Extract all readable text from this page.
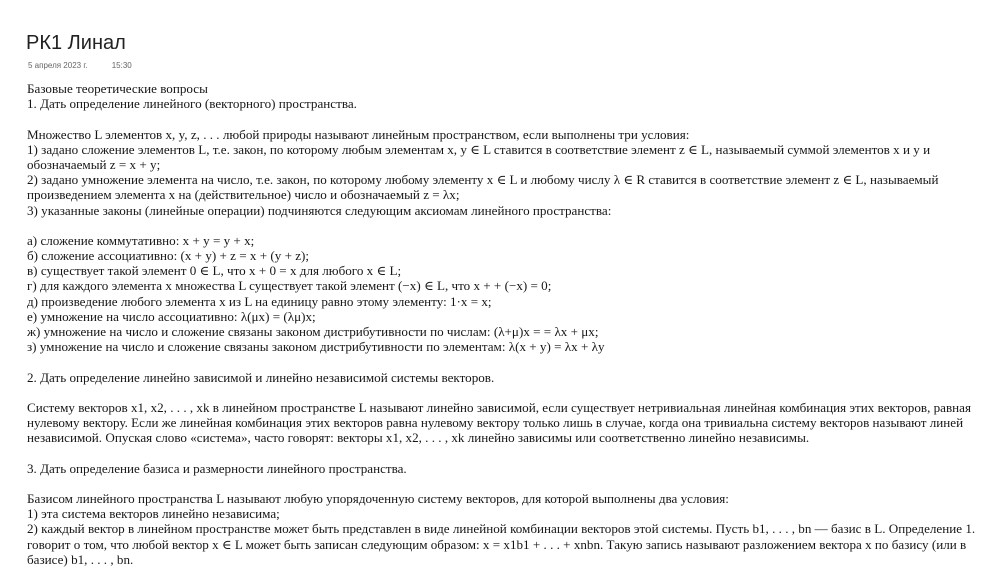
РК1 Линал
5 апреля 2023 г.	15:30
Базовые теоретические вопросы
1. Дать определение линейного (векторного) пространства.
Множество L элементов x, y, z, . . . любой природы называют линейным пространством, если выполнены три условия:
1) задано сложение элементов L, т.е. закон, по которому любым элементам x, y ∈ L ставится в соответствие элемент z ∈ L, называемый суммой элементов x и y и
обозначаемый z = x + y;
2) задано умножение элемента на число, т.е. закон, по которому любому элементу x ∈ L и любому числу λ ∈ R ставится в соответствие элемент z ∈ L, называемый
произведением элемента x на (действительное) число и обозначаемый z = λx;
3) указанные законы (линейные операции) подчиняются следующим аксиомам линейного пространства:
а) сложение коммутативно: x + y = y + x;
б) сложение ассоциативно: (x + y) + z = x + (y + z);
в) существует такой элемент 0 ∈ L, что x + 0 = x для любого x ∈ L;
г) для каждого элемента x множества L существует такой элемент (−x) ∈ L, что x + + (−x) = 0;
д) произведение любого элемента x из L на единицу равно этому элементу: 1·x = x;
е) умножение на число ассоциативно: λ(μx) = (λμ)x;
ж) умножение на число и сложение связаны законом дистрибутивности по числам: (λ+μ)x = = λx + μx;
з) умножение на число и сложение связаны законом дистрибутивности по элементам: λ(x + y) = λx + λy
2. Дать определение линейно зависимой и линейно независимой системы векторов.
Систему векторов x1, x2, . . . , xk в линейном пространстве L называют линейно зависимой, если существует нетривиальная линейная комбинация этих векторов, равная
нулевому вектору. Если же линейная комбинация этих векторов равна нулевому вектору только лишь в случае, когда она тривиальна систему векторов называют линей
независимой. Опуская слово «система», часто говорят: векторы x1, x2, . . . , xk линейно зависимы или соответственно линейно независимы.
3. Дать определение базиса и размерности линейного пространства.
Базисом линейного пространства L называют любую упорядоченную систему векторов, для которой выполнены два условия:
1) эта система векторов линейно независима;
2) каждый вектор в линейном пространстве может быть представлен в виде линейной комбинации векторов этой системы. Пусть b1, . . . , bn — базис в L. Определение 1.
говорит о том, что любой вектор x ∈ L может быть записан следующим образом: x = x1b1 + . . . + xnbn. Такую запись называют разложением вектора x по базису (или в
базисе) b1, . . . , bn.
